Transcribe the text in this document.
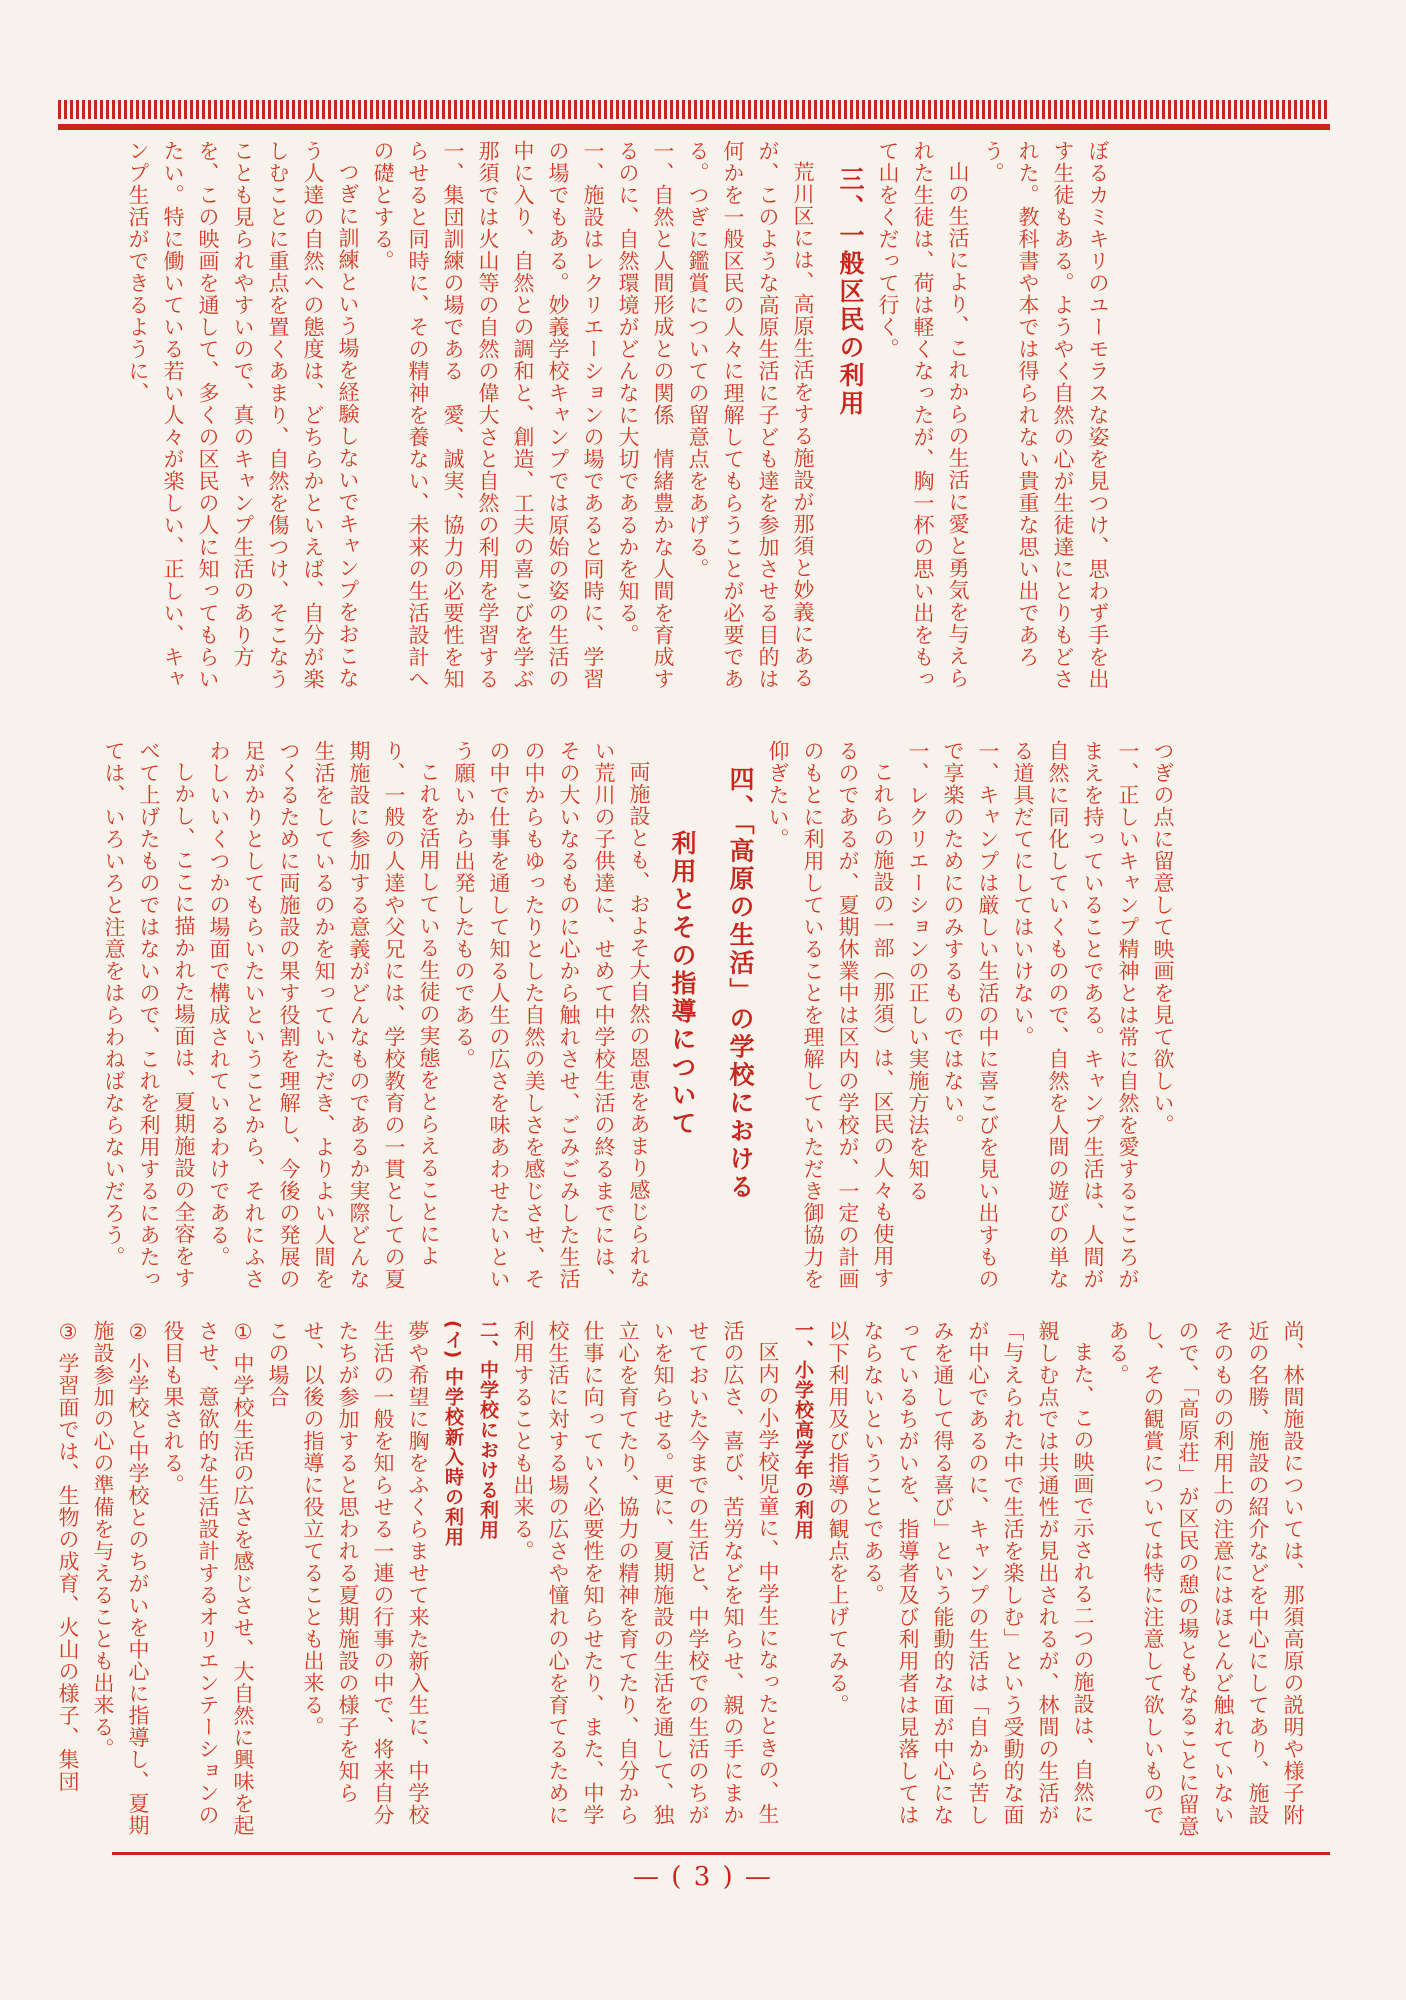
ぼるカミキリのユーモラスな姿を見つけ、思わず手を出す生徒もある。ようやく自然の心が生徒達にとりもどされた。教科書や本では得られない貴重な思い出であろう。

山の生活により、これからの生活に愛と勇気を与えられた生徒は、荷は軽くなったが、胸一杯の思い出をもって山をくだって行く。

三、一般区民の利用

荒川区には、高原生活をする施設が那須と妙義にあるが、このような高原生活に子ども達を参加させる目的は何かを一般区民の人々に理解してもらうことが必要である。つぎに鑑賞についての留意点をあげる。

一、自然と人間形成との関係　情緒豊かな人間を育成するのに、自然環境がどんなに大切であるかを知る。

一、施設はレクリエーションの場であると同時に、学習の場でもある。妙義学校キャンプでは原始の姿の生活の中に入り、自然との調和と、創造、工夫の喜こびを学ぶ　那須では火山等の自然の偉大さと自然の利用を学習する

一、集団訓練の場である　愛、誠実、協力の必要性を知らせると同時に、その精神を養ない、未来の生活設計への礎とする。

つぎに訓練という場を経験しないでキャンプをおこなう人達の自然への態度は、どちらかといえば、自分が楽しむことに重点を置くあまり、自然を傷つけ、そこなうことも見られやすいので、真のキャンプ生活のあり方を、この映画を通して、多くの区民の人に知ってもらいたい。特に働いている若い人々が楽しい、正しい、キャンプ生活ができるように、

つぎの点に留意して映画を見て欲しい。

一、正しいキャンプ精神とは常に自然を愛するこころがまえを持っていることである。キャンプ生活は、人間が自然に同化していくものので、自然を人間の遊びの単なる道具だてにしてはいけない。

一、キャンプは厳しい生活の中に喜こびを見い出すもので享楽のためにのみするものではない。

一、レクリエーションの正しい実施方法を知る

これらの施設の一部（那須）は、区民の人々も使用するのであるが、夏期休業中は区内の学校が、一定の計画のもとに利用していることを理解していただき御協力を仰ぎたい。

四、「高原の生活」の学校における
利用とその指導について

両施設とも、およそ大自然の恩恵をあまり感じられない荒川の子供達に、せめて中学校生活の終るまでには、その大いなるものに心から触れさせ、ごみごみした生活の中からもゆったりとした自然の美しさを感じさせ、その中で仕事を通して知る人生の広さを味あわせたいという願いから出発したものである。

これを活用している生徒の実態をとらえることにより、一般の人達や父兄には、学校教育の一貫としての夏期施設に参加する意義がどんなものであるか実際どんな生活をしているのかを知っていただき、よりよい人間をつくるために両施設の果す役割を理解し、今後の発展の足がかりとしてもらいたいということから、それにふさわしいいくつかの場面で構成されているわけである。

しかし、ここに描かれた場面は、夏期施設の全容をすべて上げたものではないので、これを利用するにあたっては、いろいろと注意をはらわねばならないだろう。

尚、林間施設については、那須高原の説明や様子附近の名勝、施設の紹介などを中心にしてあり、施設そのものの利用上の注意にはほとんど触れていないので、「高原荘」が区民の憩の場ともなることに留意し、その観賞については特に注意して欲しいものである。

また、この映画で示される二つの施設は、自然に親しむ点では共通性が見出されるが、林間の生活が「与えられた中で生活を楽しむ」という受動的な面が中心であるのに、キャンプの生活は「自から苦しみを通して得る喜び」という能動的な面が中心になっているちがいを、指導者及び利用者は見落してはならないということである。

以下利用及び指導の観点を上げてみる。

一、小学校高学年の利用

区内の小学校児童に、中学生になったときの、生活の広さ、喜び、苦労などを知らせ、親の手にまかせておいた今までの生活と、中学校での生活のちがいを知らせる。更に、夏期施設の生活を通して、独立心を育てたり、協力の精神を育てたり、自分から仕事に向っていく必要性を知らせたり、また、中学校生活に対する場の広さや憧れの心を育てるために利用することも出来る。

二、中学校における利用

(イ) 中学校新入時の利用

夢や希望に胸をふくらませて来た新入生に、中学校生活の一般を知らせる一連の行事の中で、将来自分たちが参加すると思われる夏期施設の様子を知らせ、以後の指導に役立てることも出来る。

この場合

① 中学校生活の広さを感じさせ、大自然に興味を起させ、意欲的な生活設計するオリエンテーションの役目も果される。

② 小学校と中学校とのちがいを中心に指導し、夏期施設参加の心の準備を与えることも出来る。

③ 学習面では、生物の成育、火山の様子、集団

— ( 3 ) —
